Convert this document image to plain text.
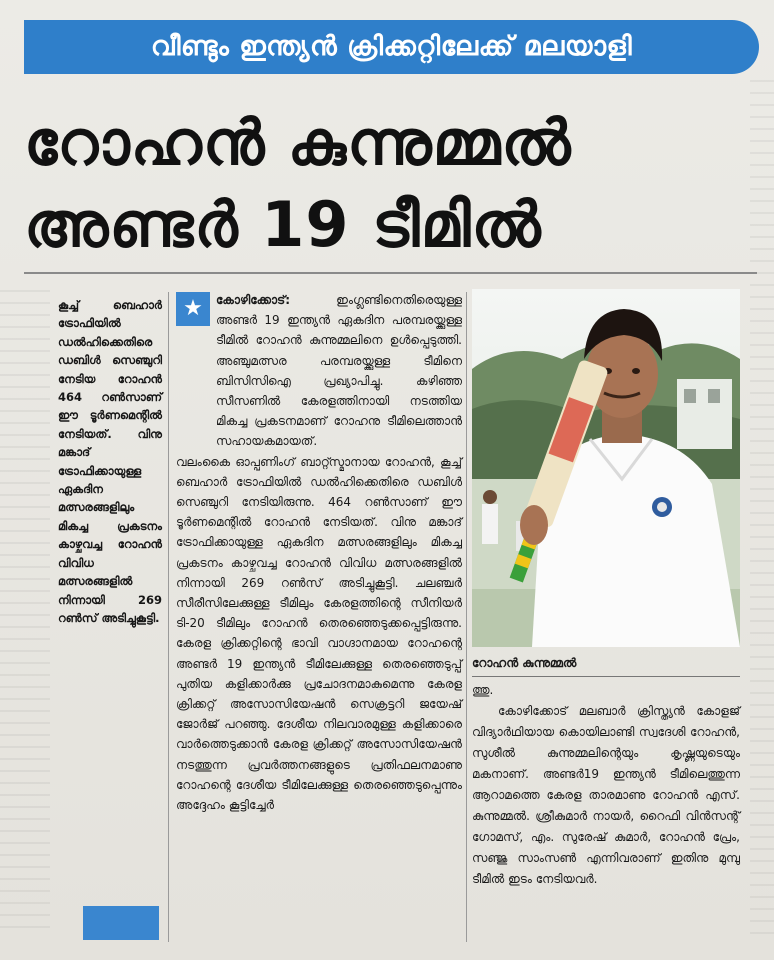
വീണ്ടും ഇന്ത്യൻ ക്രിക്കറ്റിലേക്ക് മലയാളി
റോഹൻ കുന്നുമ്മൽ
അണ്ടർ 19 ടീമിൽ

കൂച്ച് ബെഹാർ ട്രോഫിയിൽ ഡൽഹിക്കെതിരെ ഡബിൾ സെഞ്ചുറി നേടിയ റോഹൻ 464 റൺസാണ് ഈ ടൂർണമെന്റിൽ നേടിയത്. വിനു മങ്കാദ് ട്രോഫിക്കായുള്ള ഏകദിന മത്സരങ്ങളിലും മികച്ച പ്രകടനം കാഴ്ചവച്ച റോഹൻ വിവിധ മത്സരങ്ങളിൽ നിന്നായി 269 റൺസ് അടിച്ചുകൂട്ടി.

★	കോഴിക്കോട്:	ഇംഗ്ലണ്ടിനെതിരെയുള്ള അണ്ടർ 19 ഇന്ത്യൻ ഏകദിന പരമ്പരയ്ക്കുള്ള ടീമിൽ റോഹൻ കുന്നുമ്മലിനെ ഉൾപ്പെടുത്തി. അഞ്ചുമത്സര പരമ്പരയ്ക്കുള്ള ടീമിനെ ബിസിസിഐ പ്രഖ്യാപിച്ചു. കഴിഞ്ഞ സീസണിൽ കേരളത്തിനായി നടത്തിയ മികച്ച പ്രകടനമാണ് റോഹനു ടീമിലെത്താൻ സഹായകമായത്.

വലംകൈ ഓപ്പണിംഗ് ബാറ്റ്സ്മാനായ റോഹൻ, കൂച്ച് ബെഹാർ ട്രോഫിയിൽ ഡൽഹിക്കെതിരെ ഡബിൾ സെഞ്ചുറി നേടിയിരുന്നു. 464 റൺസാണ് ഈ ടൂർണമെന്റിൽ റോഹൻ നേടിയത്. വിനു മങ്കാദ് ട്രോഫിക്കായുള്ള ഏകദിന മത്സരങ്ങളിലും മികച്ച പ്രകടനം കാഴ്ചവച്ച റോഹൻ വിവിധ മത്സരങ്ങളിൽ നിന്നായി 269 റൺസ് അടിച്ചുകൂട്ടി. ചലഞ്ചർ സീരീസിലേക്കുള്ള ടീമിലും കേരളത്തിന്റെ സീനിയർ ടി-20 ടീമിലും റോഹൻ തെരഞ്ഞെടുക്കപ്പെട്ടിരുന്നു. കേരള ക്രിക്കറ്റിന്റെ ഭാവി വാഗ്ദാനമായ റോഹന്റെ അണ്ടർ 19 ഇന്ത്യൻ ടീമിലേക്കുള്ള തെരഞ്ഞെടുപ്പ് പുതിയ കളിക്കാർക്കു പ്രചോദനമാകുമെന്നു കേരള ക്രിക്കറ്റ് അസോസിയേഷൻ സെക്രട്ടറി ജയേഷ് ജോർജ് പറഞ്ഞു. ദേശീയ നിലവാരമുള്ള കളിക്കാരെ വാർത്തെടുക്കാൻ കേരള ക്രിക്കറ്റ് അസോസിയേഷൻ നടത്തുന്ന പ്രവർത്തനങ്ങളുടെ പ്രതിഫലനമാണു റോഹന്റെ ദേശീയ ടീമിലേക്കുള്ള തെരഞ്ഞെടുപ്പെന്നും അദ്ദേഹം കൂട്ടിച്ചേർ

റോഹൻ കുന്നുമ്മൽ

ത്തു.

കോഴിക്കോട് മലബാർ ക്രിസ്ത്യൻ കോളജ് വിദ്യാർഥിയായ കൊയിലാണ്ടി സ്വദേശി റോഹൻ, സുശീൽ കുന്നുമ്മലിന്റെയും കൃഷ്ണയുടെയും മകനാണ്. അണ്ടർ19 ഇന്ത്യൻ ടീമിലെത്തുന്ന ആറാമത്തെ കേരള താരമാണു റോഹൻ എസ്. കുന്നുമ്മൽ. ശ്രീകുമാർ നായർ, റൈഫി വിൻസന്റ് ഗോമസ്, എം. സുരേഷ് കുമാർ, റോഹൻ പ്രേം, സഞ്ജു സാംസൺ എന്നിവരാണ് ഇതിനു മുമ്പു ടീമിൽ ഇടം നേടിയവർ.
